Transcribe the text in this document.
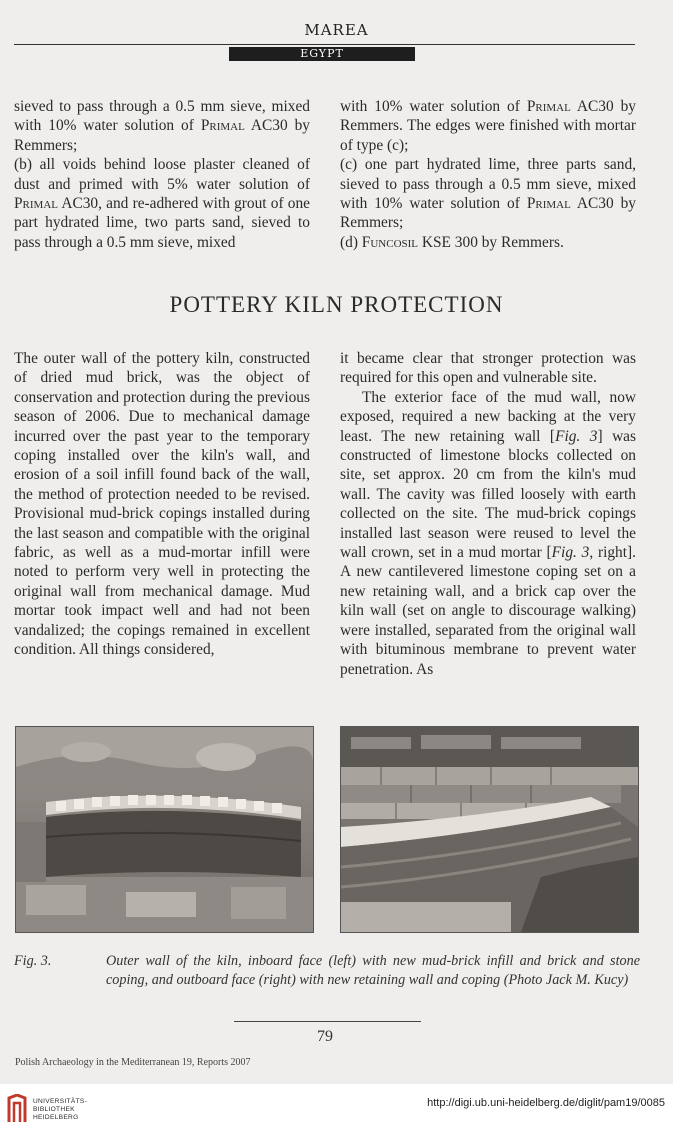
MAREA
EGYPT

sieved to pass through a 0.5 mm sieve, mixed with 10% water solution of Primal AC30 by Remmers;

(b) all voids behind loose plaster cleaned of dust and primed with 5% water solution of Primal AC30, and re-adhered with grout of one part hydrated lime, two parts sand, sieved to pass through a 0.5 mm sieve, mixed

with 10% water solution of Primal AC30 by Remmers. The edges were finished with mortar of type (c);

(c) one part hydrated lime, three parts sand, sieved to pass through a 0.5 mm sieve, mixed with 10% water solution of Primal AC30 by Remmers;

(d) Funcosil KSE 300 by Remmers.

POTTERY KILN PROTECTION

The outer wall of the pottery kiln, constructed of dried mud brick, was the object of conservation and protection during the previous season of 2006. Due to mechanical damage incurred over the past year to the temporary coping installed over the kiln's wall, and erosion of a soil infill found back of the wall, the method of protection needed to be revised. Provisional mud-brick copings installed during the last season and compatible with the original fabric, as well as a mud-mortar infill were noted to perform very well in protecting the original wall from mechanical damage. Mud mortar took impact well and had not been vandalized; the copings remained in excellent condition. All things considered,

it became clear that stronger protection was required for this open and vulnerable site.

The exterior face of the mud wall, now exposed, required a new backing at the very least. The new retaining wall [Fig. 3] was constructed of limestone blocks collected on site, set approx. 20 cm from the kiln's mud wall. The cavity was filled loosely with earth collected on the site. The mud-brick copings installed last season were reused to level the wall crown, set in a mud mortar [Fig. 3, right]. A new cantilevered limestone coping set on a new retaining wall, and a brick cap over the kiln wall (set on angle to discourage walking) were installed, separated from the original wall with bituminous membrane to prevent water penetration. As

Fig. 3.	Outer wall of the kiln, inboard face (left) with new mud-brick infill and brick and stone coping, and outboard face (right) with new retaining wall and coping (Photo Jack M. Kucy)
79
Polish Archaeology in the Mediterranean 19, Reports 2007
UNIVERSITÄTS-
BIBLIOTHEK
HEIDELBERG
http://digi.ub.uni-heidelberg.de/diglit/pam19/0085
